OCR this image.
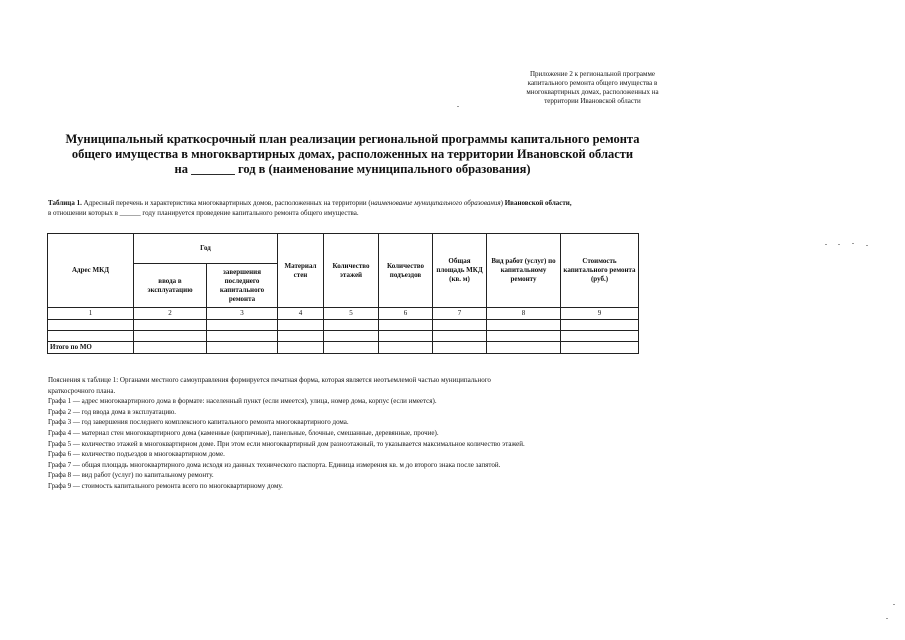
Приложение 2 к региональной программе
капитального ремонта общего имущества в
многоквартирных домах, расположенных на
территории Ивановской области
Муниципальный краткосрочный план реализации региональной программы капитального ремонта
общего имущества в многоквартирных домах, расположенных на территории Ивановской области
на _______ год в (наименование муниципального образования)
Таблица 1. Адресный перечень и характеристика многоквартирных домов, расположенных на территории (наименование муниципального образования) Ивановской области,
в отношении которых в ______ году планируется проведение капитального ремонта общего имущества.
Адрес МКД	Год		Материал стен	Количество этажей	Количество подъездов	Общая площадь МКД (кв. м)	Вид работ (услуг) по капитальному ремонту	Стоимость капитального ремонта (руб.)
	ввода в эксплуатацию	завершения последнего капитального ремонта						
1	2	3	4	5	6	7	8	9

Итого по МО								
Пояснения к таблице 1: Органами местного самоуправления формируется печатная форма, которая является неотъемлемой частью муниципального
краткосрочного плана.
Графа 1 — адрес многоквартирного дома в формате: населенный пункт (если имеется), улица, номер дома, корпус (если имеется).
Графа 2 — год ввода дома в эксплуатацию.
Графа 3 — год завершения последнего комплексного капитального ремонта многоквартирного дома.
Графа 4 — материал стен многоквартирного дома (каменные (кирпичные), панельные, блочные, смешанные, деревянные, прочие).
Графа 5 — количество этажей в многоквартирном доме. При этом если многоквартирный дом разноэтажный, то указывается максимальное количество этажей.
Графа 6 — количество подъездов в многоквартирном доме.
Графа 7 — общая площадь многоквартирного дома исходя из данных технического паспорта. Единица измерения кв. м до второго знака после запятой.
Графа 8 — вид работ (услуг) по капитальному ремонту.
Графа 9 — стоимость капитального ремонта всего по многоквартирному дому.
